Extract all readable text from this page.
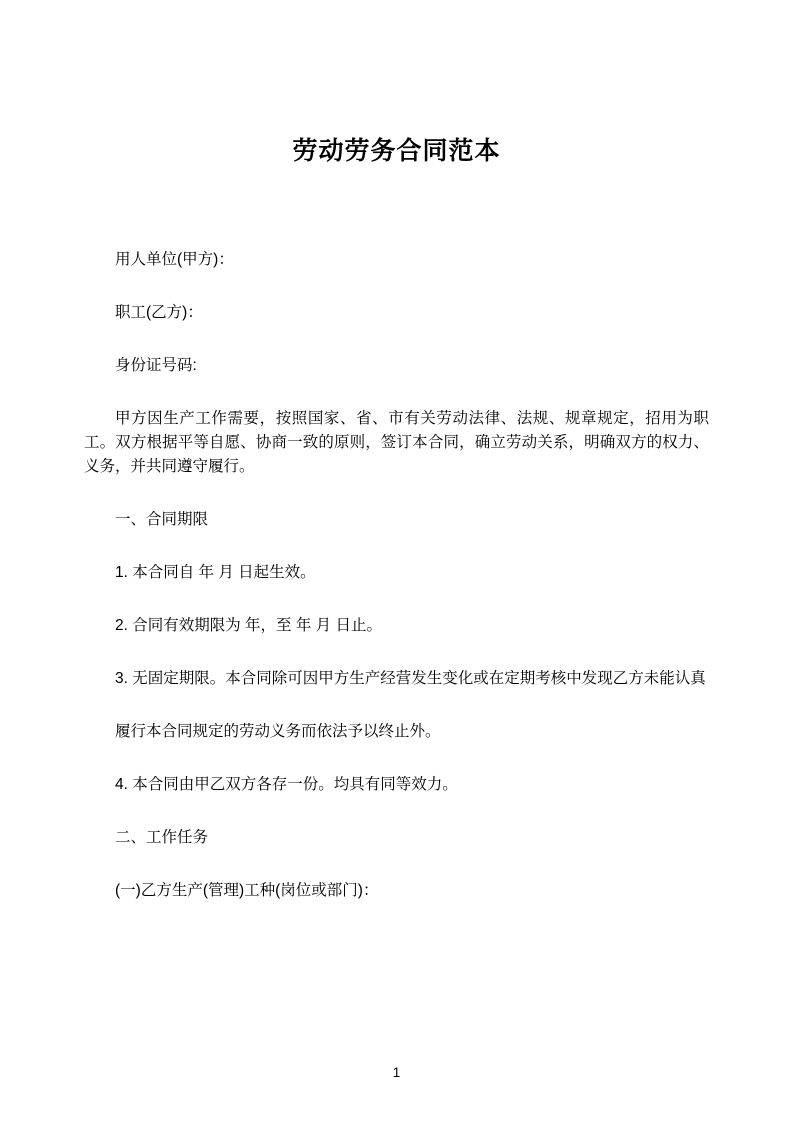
劳动劳务合同范本

用人单位(甲方)：

职工(乙方)：

身份证号码:

甲方因生产工作需要，按照国家、省、市有关劳动法律、法规、规章规定，招用为职工。双方根据平等自愿、协商一致的原则，签订本合同，确立劳动关系，明确双方的权力、义务，并共同遵守履行。

一、合同期限

1. 本合同自 年 月 日起生效。

2. 合同有效期限为 年，至 年 月 日止。

3. 无固定期限。本合同除可因甲方生产经营发生变化或在定期考核中发现乙方未能认真

履行本合同规定的劳动义务而依法予以终止外。

4. 本合同由甲乙双方各存一份。均具有同等效力。

二、工作任务

(一)乙方生产(管理)工种(岗位或部门)：

1
